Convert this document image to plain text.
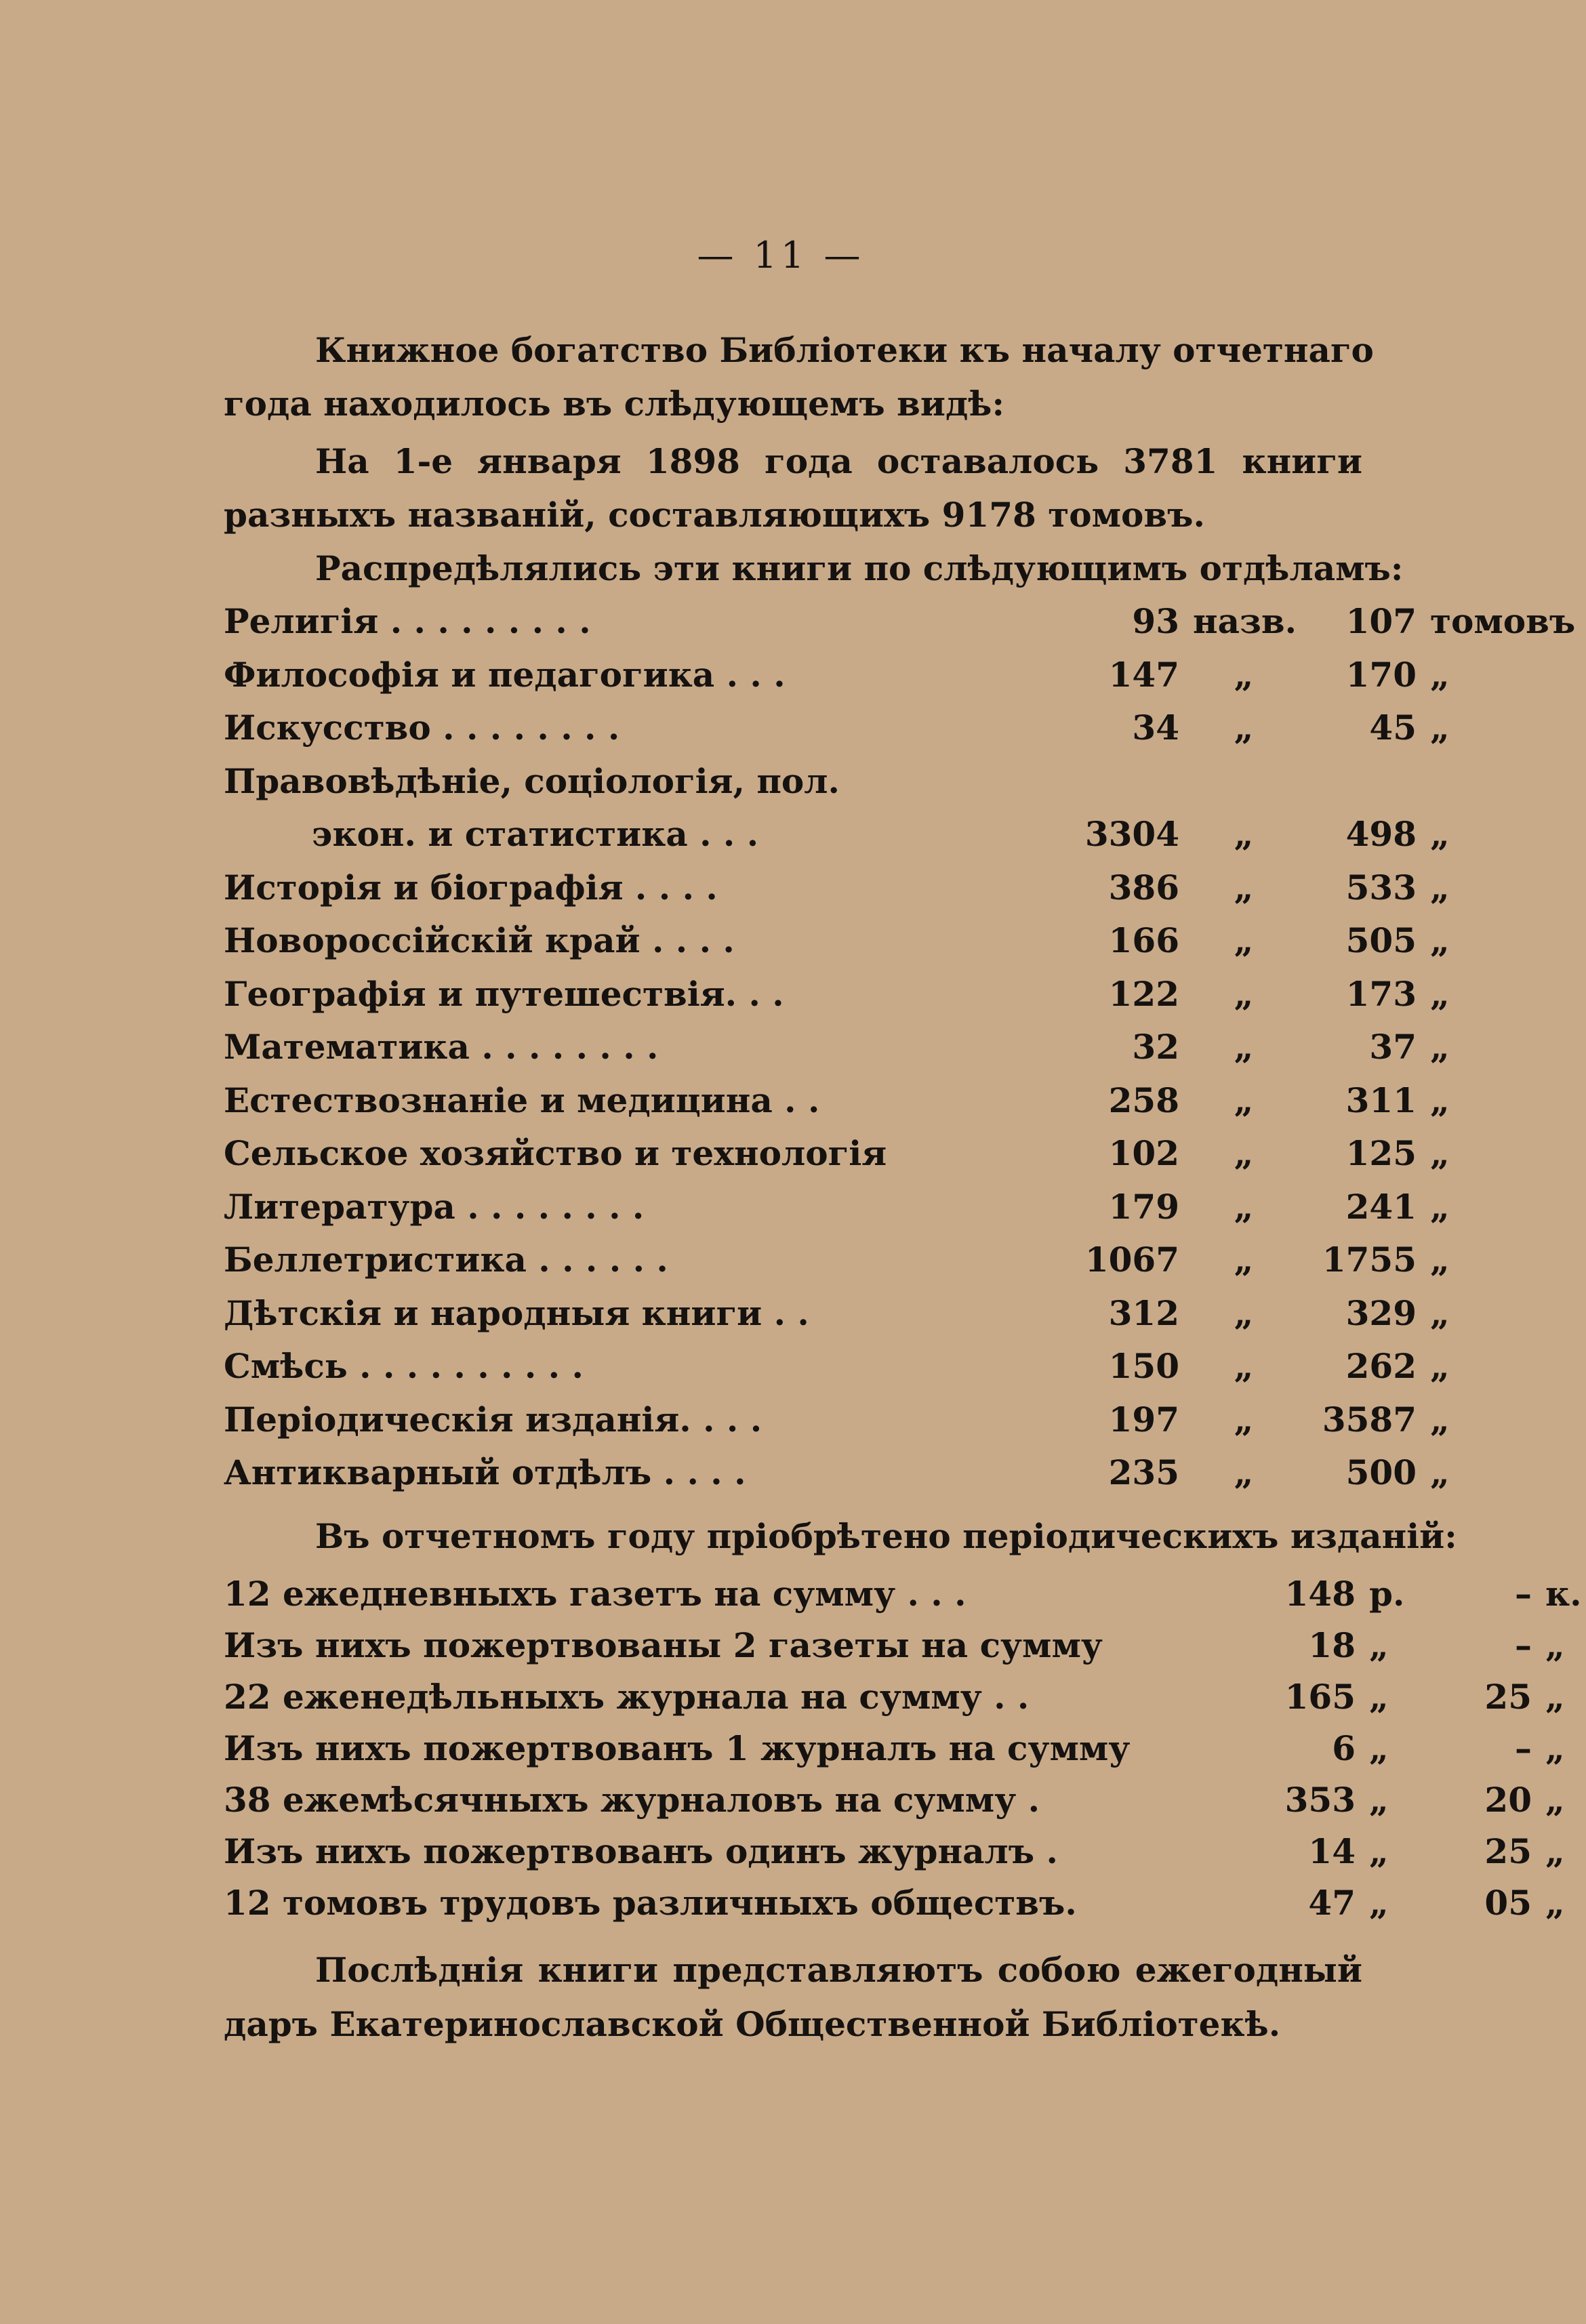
— 11 —
Книжное богатство Библіотеки къ началу отчетнаго
года находилось въ слѣдующемъ видѣ:
На 1-е января 1898 года оставалось 3781 книги
разныхъ названій, составляющихъ 9178 томовъ.
Распредѣлялись эти книги по слѣдующимъ отдѣламъ:
Религія . . . . . . . . .	93 назв.	107 томовъ
Философія и педагогика . . .	147	„	170 „
Искусство . . . . . . . .	34	„	45 „
Правовѣдѣніе, соціологія, пол.
экон. и статистика . . .	3304	„	498 „
Исторія и біографія . . . .	386	„	533 „
Новороссійскій край . . . .	166	„	505 „
Географія и путешествія. . .	122	„	173 „
Математика . . . . . . . .	32	„	37 „
Естествознаніе и медицина . .	258	„	311 „
Сельское хозяйство и технологія	102	„	125 „
Литература . . . . . . . .	179	„	241 „
Беллетристика . . . . . .	1067	„	1755 „
Дѣтскія и народныя книги . .	312	„	329 „
Смѣсь . . . . . . . . . .	150	„	262 „
Періодическія изданія. . . .	197	„	3587 „
Антикварный отдѣлъ . . . .	235	„	500 „
Въ отчетномъ году пріобрѣтено періодическихъ изданій:
12 ежедневныхъ газетъ на сумму . . .	148 р.	– к.
Изъ нихъ пожертвованы 2 газеты на сумму	18 „	– „
22 еженедѣльныхъ журнала на сумму . .	165 „	25 „
Изъ нихъ пожертвованъ 1 журналъ на сумму	6 „	– „
38 ежемѣсячныхъ журналовъ на сумму .	353 „	20 „
Изъ нихъ пожертвованъ одинъ журналъ .	14 „	25 „
12 томовъ трудовъ различныхъ обществъ.	47 „	05 „
Послѣднія книги представляютъ собою ежегодный
даръ Екатеринославской Общественной Библіотекѣ.
